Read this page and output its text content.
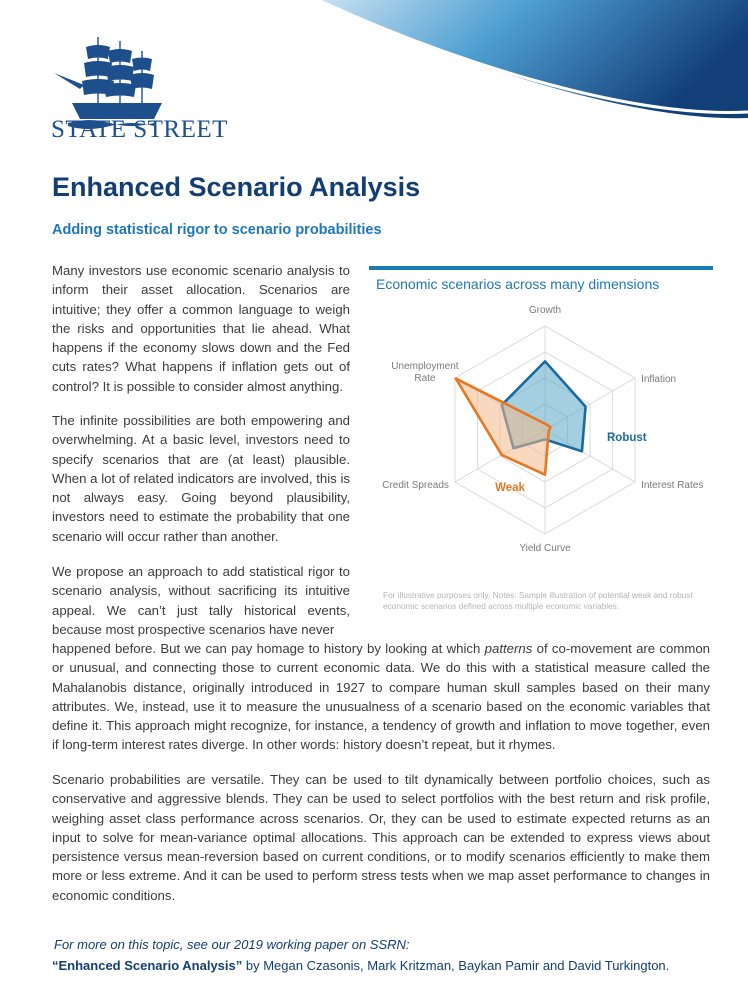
STATE STREET
Enhanced Scenario Analysis
Adding statistical rigor to scenario probabilities

Many investors use economic scenario analysis to inform their asset allocation. Scenarios are intuitive; they offer a common language to weigh the risks and opportunities that lie ahead. What happens if the economy slows down and the Fed cuts rates? What happens if inflation gets out of control? It is possible to consider almost anything.

The infinite possibilities are both empowering and overwhelming. At a basic level, investors need to specify scenarios that are (at least) plausible. When a lot of related indicators are involved, this is not always easy. Going beyond plausibility, investors need to estimate the probability that one scenario will occur rather than another.

We propose an approach to add statistical rigor to scenario analysis, without sacrificing its intuitive appeal. We can’t just tally historical events, because most prospective scenarios have never

happened before. But we can pay homage to history by looking at which patterns of co-movement are common or unusual, and connecting those to current economic data. We do this with a statistical measure called the Mahalanobis distance, originally introduced in 1927 to compare human skull samples based on their many attributes. We, instead, use it to measure the unusualness of a scenario based on the economic variables that define it. This approach might recognize, for instance, a tendency of growth and inflation to move together, even if long-term interest rates diverge. In other words: history doesn’t repeat, but it rhymes.

Scenario probabilities are versatile. They can be used to tilt dynamically between portfolio choices, such as conservative and aggressive blends. They can be used to select portfolios with the best return and risk profile, weighing asset class performance across scenarios. Or, they can be used to estimate expected returns as an input to solve for mean-variance optimal allocations. This approach can be extended to express views about persistence versus mean-reversion based on current conditions, or to modify scenarios efficiently to make them more or less extreme. And it can be used to perform stress tests when we map asset performance to changes in economic conditions.

Economic scenarios across many dimensions
Growth
Inflation
Interest Rates
Yield Curve
Credit Spreads
Unemployment
Rate
Robust
Weak
For illustrative purposes only. Notes: Sample illustration of potential weak and robust economic scenarios defined across multiple economic variables.
For more on this topic, see our 2019 working paper on SSRN:
“Enhanced Scenario Analysis” by Megan Czasonis, Mark Kritzman, Baykan Pamir and David Turkington.
